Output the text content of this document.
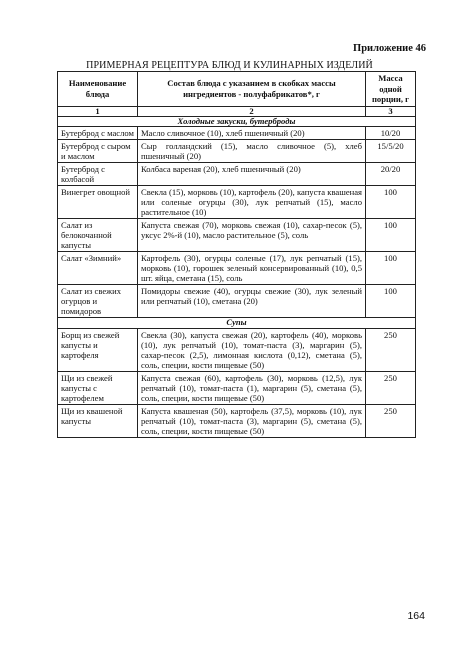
Приложение 46
ПРИМЕРНАЯ РЕЦЕПТУРА БЛЮД И КУЛИНАРНЫХ ИЗДЕЛИЙ
Наименование блюда	Состав блюда с указанием в скобках массы ингредиентов - полуфабрикатов*, г	Масса одной порции, г
1	2	3
Холодные закуски, бутерброды		
Бутерброд с маслом	Масло сливочное (10), хлеб пшеничный (20)	10/20
Бутерброд с сыром и маслом	Сыр голландский (15), масло сливочное (5), хлеб пшеничный (20)	15/5/20
Бутерброд с колбасой	Колбаса вареная (20), хлеб пшеничный (20)	20/20
Винегрет овощной	Свекла (15), морковь (10), картофель (20), капуста квашеная или соленые огурцы (30), лук репчатый (15), масло растительное (10)	100
Салат из белокочанной капусты	Капуста свежая (70), морковь свежая (10), сахар-песок (5), уксус 2%-й (10), масло растительное (5), соль	100
Салат «Зимний»	Картофель (30), огурцы соленые (17), лук репчатый (15), морковь (10), горошек зеленый консервированный (10), 0,5 шт. яйца, сметана (15), соль	100
Салат из свежих огурцов и помидоров	Помидоры свежие (40), огурцы свежие (30), лук зеленый или репчатый (10), сметана (20)	100
Супы		
Борщ из свежей капусты и картофеля	Свекла (30), капуста свежая (20), картофель (40), морковь (10), лук репчатый (10), томат-паста (3), маргарин (5), сахар-песок (2,5), лимонная кислота (0,12), сметана (5), соль, специи, кости пищевые (50)	250
Щи из свежей капусты с картофелем	Капуста свежая (60), картофель (30), морковь (12,5), лук репчатый (10), томат-паста (1), маргарин (5), сметана (5), соль, специи, кости пищевые (50)	250
Щи из квашеной капусты	Капуста квашеная (50), картофель (37,5), морковь (10), лук репчатый (10), томат-паста (3), маргарин (5), сметана (5), соль, специи, кости пищевые (50)	250
164
